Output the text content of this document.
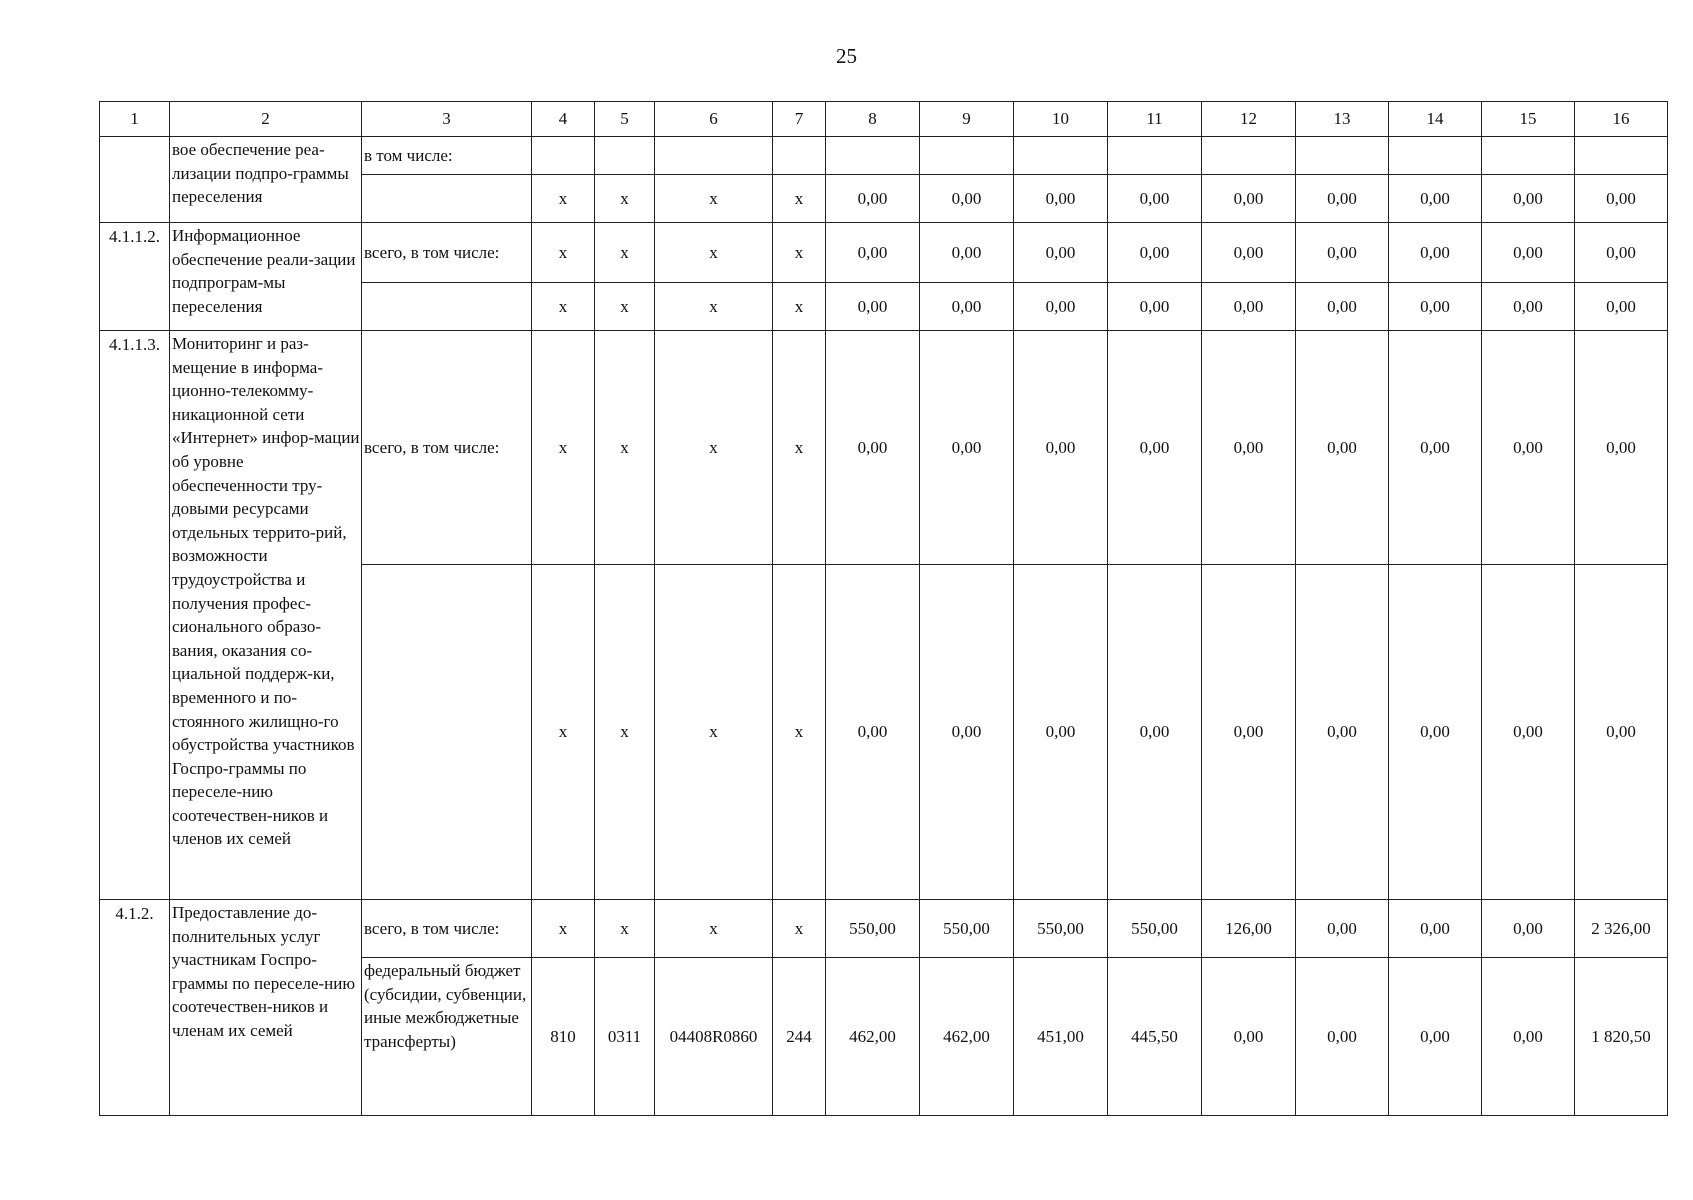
25
1	2	3	4	5	6	7	8	9	10	11	12	13	14	15	16
	вое обеспечение реа-лизации подпро-граммы переселения	в том числе:													
			x	x	x	x	0,00	0,00	0,00	0,00	0,00	0,00	0,00	0,00	0,00
4.1.1.2.	Информационное обеспечение реали-зации подпрограм-мы переселения	всего, в том числе:	x	x	x	x	0,00	0,00	0,00	0,00	0,00	0,00	0,00	0,00	0,00
			x	x	x	x	0,00	0,00	0,00	0,00	0,00	0,00	0,00	0,00	0,00
4.1.1.3.	Мониторинг и раз-мещение в информа-ционно-телекомму-никационной сети «Интернет» инфор-мации об уровне обеспеченности тру-довыми ресурсами отдельных террито-рий, возможности трудоустройства и получения профес-сионального образо-вания, оказания со-циальной поддерж-ки, временного и по-стоянного жилищно-го обустройства участников Госпро-граммы по переселе-нию соотечествен-ников и членов их семей	всего, в том числе:	x	x	x	x	0,00	0,00	0,00	0,00	0,00	0,00	0,00	0,00	0,00
			x	x	x	x	0,00	0,00	0,00	0,00	0,00	0,00	0,00	0,00	0,00
4.1.2.	Предоставление до-полнительных услуг участникам Госпро-граммы по переселе-нию соотечествен-ников и членам их семей	всего, в том числе:	x	x	x	x	550,00	550,00	550,00	550,00	126,00	0,00	0,00	0,00	2 326,00
		федеральный бюджет (субсидии, субвенции, иные межбюджетные трансферты)	810	0311	04408R0860	244	462,00	462,00	451,00	445,50	0,00	0,00	0,00	0,00	1 820,50
